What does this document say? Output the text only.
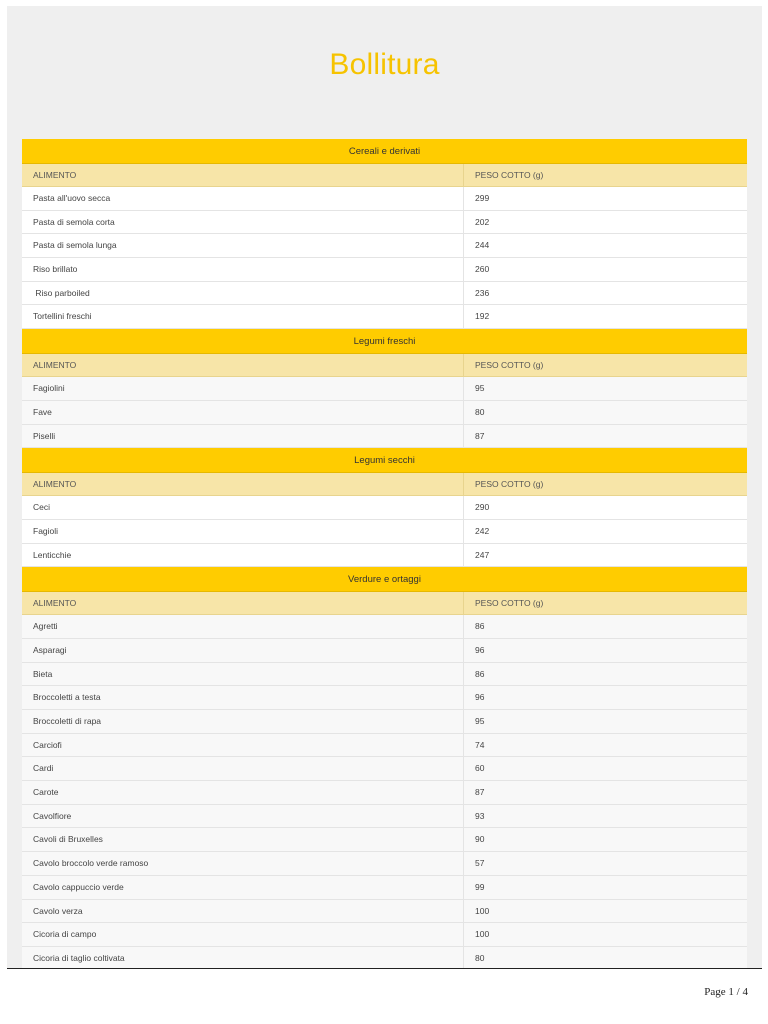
Bollitura
Cereali e derivati
ALIMENTO	PESO COTTO (g)
Pasta all'uovo secca	299
Pasta di semola corta	202
Pasta di semola lunga	244
Riso brillato	260
Riso parboiled	236
Tortellini freschi	192
Legumi freschi
ALIMENTO	PESO COTTO (g)
Fagiolini	95
Fave	80
Piselli	87
Legumi secchi
ALIMENTO	PESO COTTO (g)
Ceci	290
Fagioli	242
Lenticchie	247
Verdure e ortaggi
ALIMENTO	PESO COTTO (g)
Agretti	86
Asparagi	96
Bieta	86
Broccoletti a testa	96
Broccoletti di rapa	95
Carciofi	74
Cardi	60
Carote	87
Cavolfiore	93
Cavoli di Bruxelles	90
Cavolo broccolo verde ramoso	57
Cavolo cappuccio verde	99
Cavolo verza	100
Cicoria di campo	100
Cicoria di taglio coltivata	80
Page 1 / 4
